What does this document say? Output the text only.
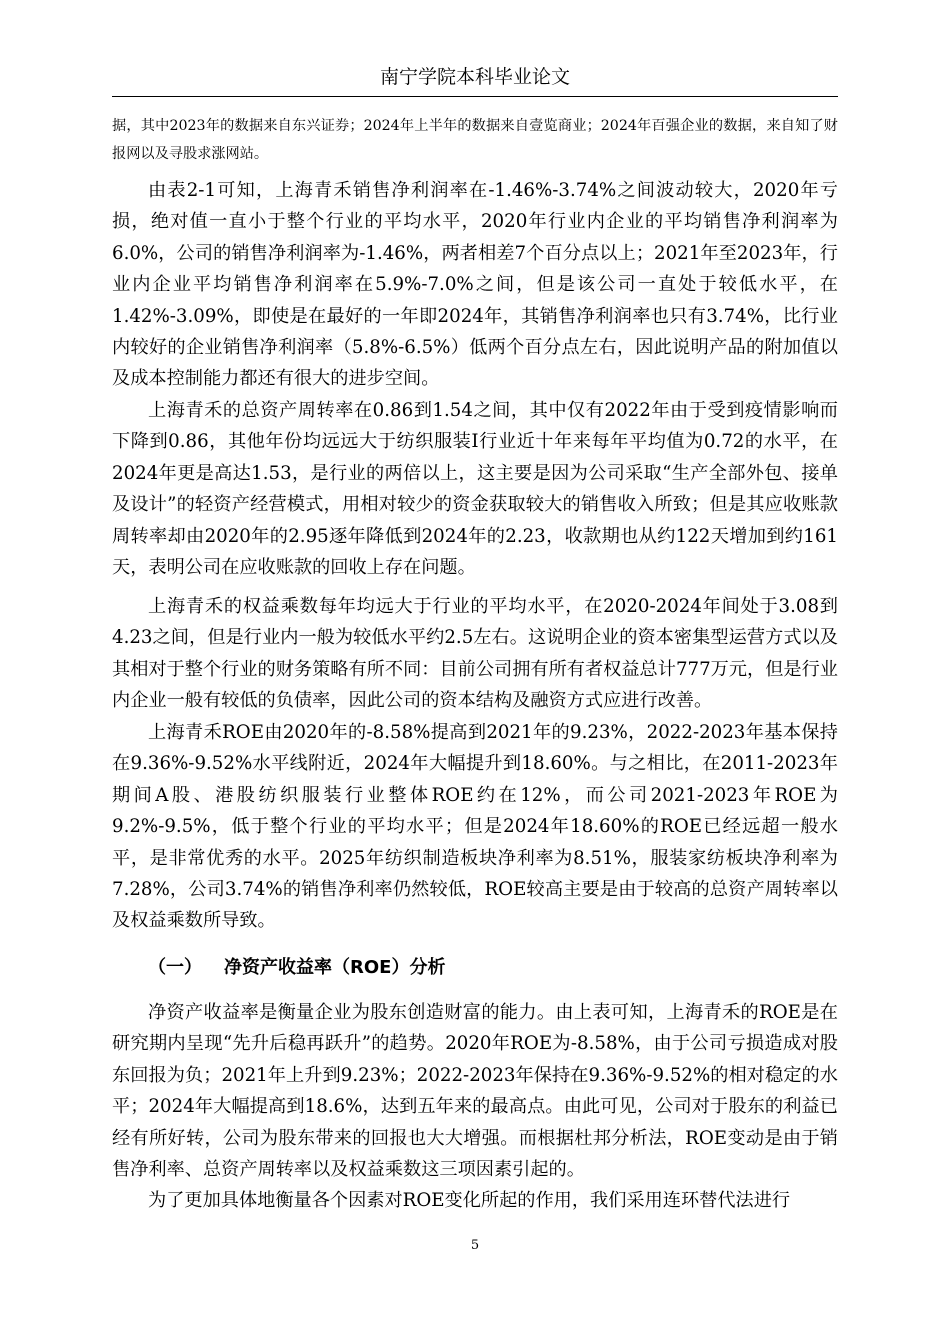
南宁学院本科毕业论文
据，其中2023年的数据来自东兴证券；2024年上半年的数据来自壹览商业；2024年百强企业的数据，来自知了财报网以及寻股求涨网站。

由表2-1可知，上海青禾销售净利润率在-1.46%-3.74%之间波动较大，2020年亏损，绝对值一直小于整个行业的平均水平，2020年行业内企业的平均销售净利润率为6.0%，公司的销售净利润率为-1.46%，两者相差7个百分点以上；2021年至2023年，行业内企业平均销售净利润率在5.9%-7.0%之间，但是该公司一直处于较低水平，在1.42%-3.09%，即使是在最好的一年即2024年，其销售净利润率也只有3.74%，比行业内较好的企业销售净利润率（5.8%-6.5%）低两个百分点左右，因此说明产品的附加值以及成本控制能力都还有很大的进步空间。

上海青禾的总资产周转率在0.86到1.54之间，其中仅有2022年由于受到疫情影响而下降到0.86，其他年份均远远大于纺织服装I行业近十年来每年平均值为0.72的水平，在2024年更是高达1.53，是行业的两倍以上，这主要是因为公司采取“生产全部外包、接单及设计”的轻资产经营模式，用相对较少的资金获取较大的销售收入所致；但是其应收账款周转率却由2020年的2.95逐年降低到2024年的2.23，收款期也从约122天增加到约161天，表明公司在应收账款的回收上存在问题。

上海青禾的权益乘数每年均远大于行业的平均水平，在2020-2024年间处于3.08到4.23之间，但是行业内一般为较低水平约2.5左右。这说明企业的资本密集型运营方式以及其相对于整个行业的财务策略有所不同：目前公司拥有所有者权益总计777万元，但是行业内企业一般有较低的负债率，因此公司的资本结构及融资方式应进行改善。

上海青禾ROE由2020年的-8.58%提高到2021年的9.23%，2022-2023年基本保持在9.36%-9.52%水平线附近，2024年大幅提升到18.60%。与之相比，在2011-2023年期间A股、港股纺织服装行业整体ROE约在12%，而公司2021-2023年ROE为9.2%-9.5%，低于整个行业的平均水平；但是2024年18.60%的ROE已经远超一般水平，是非常优秀的水平。2025年纺织制造板块净利率为8.51%，服装家纺板块净利率为7.28%，公司3.74%的销售净利率仍然较低，ROE较高主要是由于较高的总资产周转率以及权益乘数所导致。

（一） 净资产收益率（ROE）分析

净资产收益率是衡量企业为股东创造财富的能力。由上表可知，上海青禾的ROE是在研究期内呈现“先升后稳再跃升”的趋势。2020年ROE为-8.58%，由于公司亏损造成对股东回报为负；2021年上升到9.23%；2022-2023年保持在9.36%-9.52%的相对稳定的水平；2024年大幅提高到18.6%，达到五年来的最高点。由此可见，公司对于股东的利益已经有所好转，公司为股东带来的回报也大大增强。而根据杜邦分析法，ROE变动是由于销售净利率、总资产周转率以及权益乘数这三项因素引起的。

为了更加具体地衡量各个因素对ROE变化所起的作用，我们采用连环替代法进行

5
